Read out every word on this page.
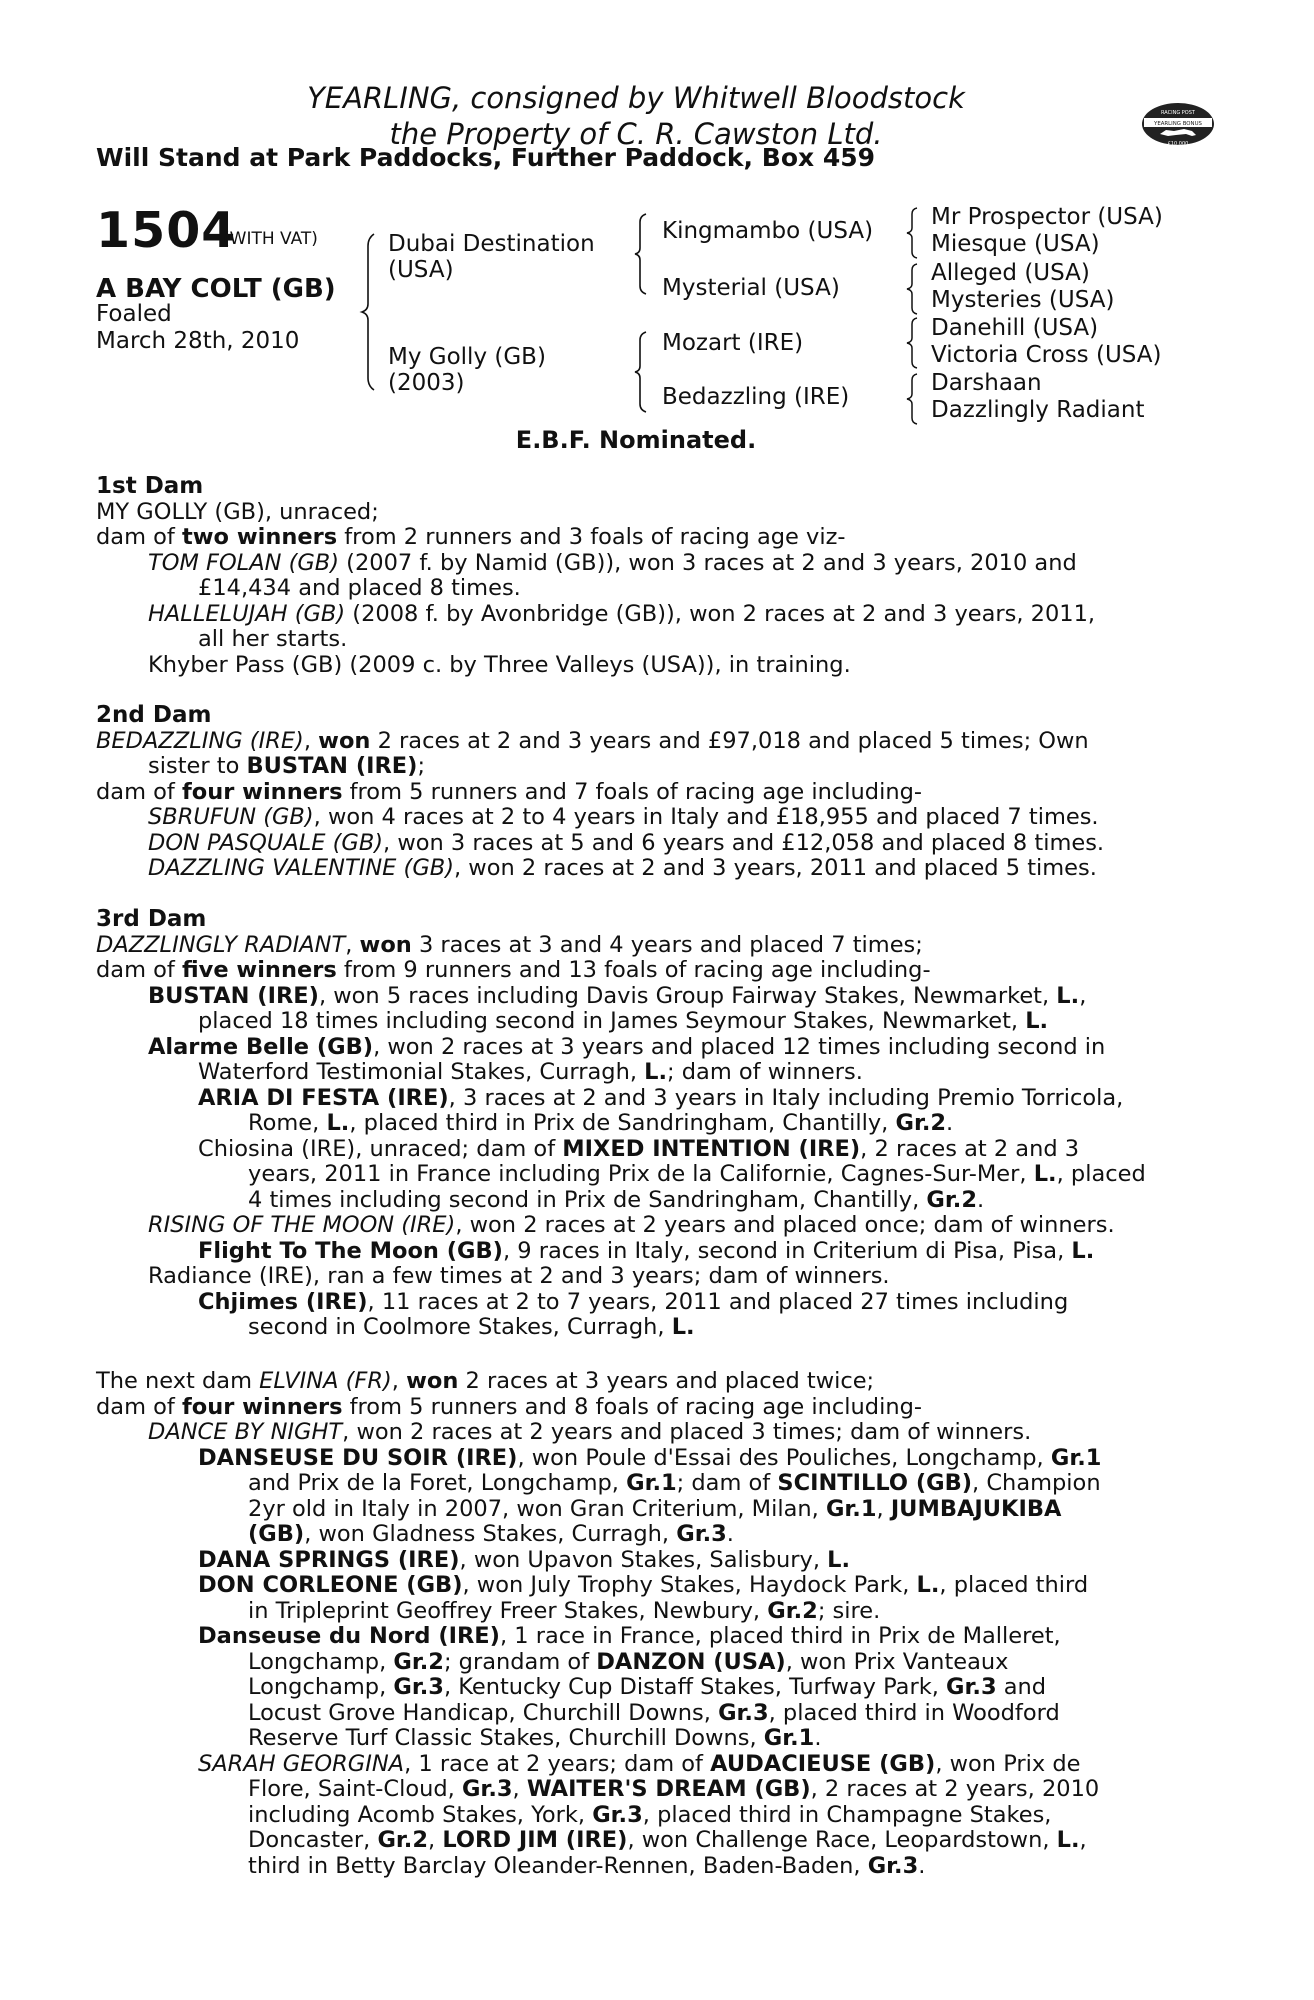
YEARLING, consigned by Whitwell Bloodstock
the Property of C. R. Cawston Ltd.
Will Stand at Park Paddocks, Further Paddock, Box 459
RACING POST
YEARLING BONUS
£10,000
1504
(WITH VAT)
A BAY COLT (GB)
Foaled
March 28th, 2010
Dubai Destination
(USA)
My Golly (GB)
(2003)
Kingmambo (USA)
Mysterial (USA)
Mozart (IRE)
Bedazzling (IRE)
Mr Prospector (USA)
Miesque (USA)
Alleged (USA)
Mysteries (USA)
Danehill (USA)
Victoria Cross (USA)
Darshaan
Dazzlingly Radiant
E.B.F. Nominated.
1st Dam
MY GOLLY (GB), unraced;
dam of two winners from 2 runners and 3 foals of racing age viz-
TOM FOLAN (GB) (2007 f. by Namid (GB)), won 3 races at 2 and 3 years, 2010 and
£14,434 and placed 8 times.
HALLELUJAH (GB) (2008 f. by Avonbridge (GB)), won 2 races at 2 and 3 years, 2011,
all her starts.
Khyber Pass (GB) (2009 c. by Three Valleys (USA)), in training.
2nd Dam
BEDAZZLING (IRE), won 2 races at 2 and 3 years and £97,018 and placed 5 times; Own
sister to BUSTAN (IRE);
dam of four winners from 5 runners and 7 foals of racing age including-
SBRUFUN (GB), won 4 races at 2 to 4 years in Italy and £18,955 and placed 7 times.
DON PASQUALE (GB), won 3 races at 5 and 6 years and £12,058 and placed 8 times.
DAZZLING VALENTINE (GB), won 2 races at 2 and 3 years, 2011 and placed 5 times.
3rd Dam
DAZZLINGLY RADIANT, won 3 races at 3 and 4 years and placed 7 times;
dam of five winners from 9 runners and 13 foals of racing age including-
BUSTAN (IRE), won 5 races including Davis Group Fairway Stakes, Newmarket, L.,
placed 18 times including second in James Seymour Stakes, Newmarket, L.
Alarme Belle (GB), won 2 races at 3 years and placed 12 times including second in
Waterford Testimonial Stakes, Curragh, L.; dam of winners.
ARIA DI FESTA (IRE), 3 races at 2 and 3 years in Italy including Premio Torricola,
Rome, L., placed third in Prix de Sandringham, Chantilly, Gr.2.
Chiosina (IRE), unraced; dam of MIXED INTENTION (IRE), 2 races at 2 and 3
years, 2011 in France including Prix de la Californie, Cagnes-Sur-Mer, L., placed
4 times including second in Prix de Sandringham, Chantilly, Gr.2.
RISING OF THE MOON (IRE), won 2 races at 2 years and placed once; dam of winners.
Flight To The Moon (GB), 9 races in Italy, second in Criterium di Pisa, Pisa, L.
Radiance (IRE), ran a few times at 2 and 3 years; dam of winners.
Chjimes (IRE), 11 races at 2 to 7 years, 2011 and placed 27 times including
second in Coolmore Stakes, Curragh, L.
The next dam ELVINA (FR), won 2 races at 3 years and placed twice;
dam of four winners from 5 runners and 8 foals of racing age including-
DANCE BY NIGHT, won 2 races at 2 years and placed 3 times; dam of winners.
DANSEUSE DU SOIR (IRE), won Poule d'Essai des Pouliches, Longchamp, Gr.1
and Prix de la Foret, Longchamp, Gr.1; dam of SCINTILLO (GB), Champion
2yr old in Italy in 2007, won Gran Criterium, Milan, Gr.1, JUMBAJUKIBA
(GB), won Gladness Stakes, Curragh, Gr.3.
DANA SPRINGS (IRE), won Upavon Stakes, Salisbury, L.
DON CORLEONE (GB), won July Trophy Stakes, Haydock Park, L., placed third
in Tripleprint Geoffrey Freer Stakes, Newbury, Gr.2; sire.
Danseuse du Nord (IRE), 1 race in France, placed third in Prix de Malleret,
Longchamp, Gr.2; grandam of DANZON (USA), won Prix Vanteaux
Longchamp, Gr.3, Kentucky Cup Distaff Stakes, Turfway Park, Gr.3 and
Locust Grove Handicap, Churchill Downs, Gr.3, placed third in Woodford
Reserve Turf Classic Stakes, Churchill Downs, Gr.1.
SARAH GEORGINA, 1 race at 2 years; dam of AUDACIEUSE (GB), won Prix de
Flore, Saint-Cloud, Gr.3, WAITER'S DREAM (GB), 2 races at 2 years, 2010
including Acomb Stakes, York, Gr.3, placed third in Champagne Stakes,
Doncaster, Gr.2, LORD JIM (IRE), won Challenge Race, Leopardstown, L.,
third in Betty Barclay Oleander-Rennen, Baden-Baden, Gr.3.
